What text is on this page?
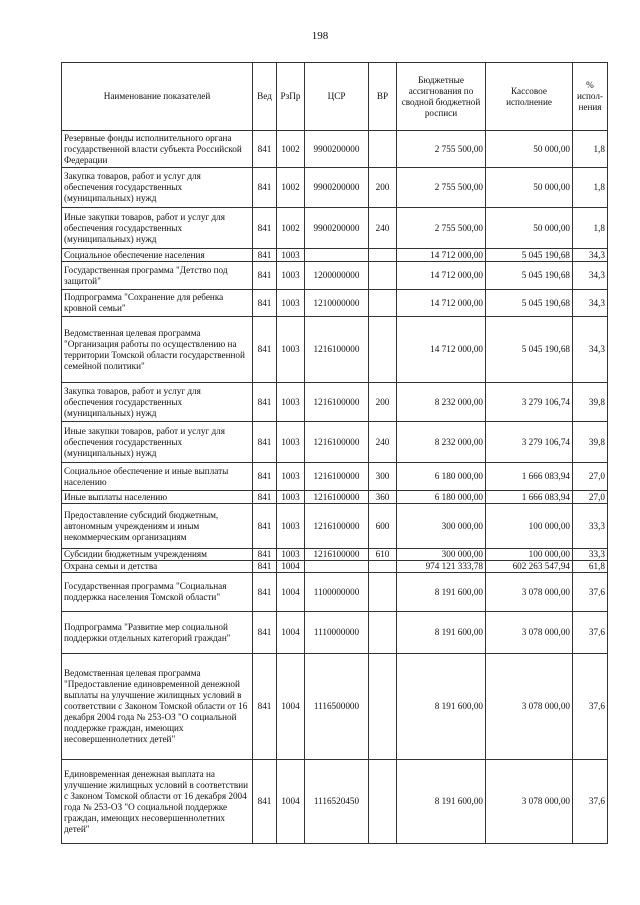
198
Наименование показателей	Вед	РзПр	ЦСР	ВР	Бюджетные ассигнования по сводной бюджетной росписи	Кассовое исполнение	% испол-нения
Резервные фонды исполнительного органа государственной власти субъекта Российской Федерации	841	1002	9900200000		2 755 500,00	50 000,00	1,8
Закупка товаров, работ и услуг для обеспечения государственных (муниципальных) нужд	841	1002	9900200000	200	2 755 500,00	50 000,00	1,8
Иные закупки товаров, работ и услуг для обеспечения государственных (муниципальных) нужд	841	1002	9900200000	240	2 755 500,00	50 000,00	1,8
Социальное обеспечение населения	841	1003			14 712 000,00	5 045 190,68	34,3
Государственная программа "Детство под защитой"	841	1003	1200000000		14 712 000,00	5 045 190,68	34,3
Подпрограмма "Сохранение для ребенка кровной семьи"	841	1003	1210000000		14 712 000,00	5 045 190,68	34,3
Ведомственная целевая программа "Организация работы по осуществлению на территории Томской области государственной семейной политики"	841	1003	1216100000		14 712 000,00	5 045 190,68	34,3
Закупка товаров, работ и услуг для обеспечения государственных (муниципальных) нужд	841	1003	1216100000	200	8 232 000,00	3 279 106,74	39,8
Иные закупки товаров, работ и услуг для обеспечения государственных (муниципальных) нужд	841	1003	1216100000	240	8 232 000,00	3 279 106,74	39,8
Социальное обеспечение и иные выплаты населению	841	1003	1216100000	300	6 180 000,00	1 666 083,94	27,0
Иные выплаты населению	841	1003	1216100000	360	6 180 000,00	1 666 083,94	27,0
Предоставление субсидий бюджетным, автономным учреждениям и иным некоммерческим организациям	841	1003	1216100000	600	300 000,00	100 000,00	33,3
Субсидии бюджетным учреждениям	841	1003	1216100000	610	300 000,00	100 000,00	33,3
Охрана семьи и детства	841	1004			974 121 333,78	602 263 547,94	61,8
Государственная программа "Социальная поддержка населения Томской области"	841	1004	1100000000		8 191 600,00	3 078 000,00	37,6
Подпрограмма "Развитие мер социальной поддержки отдельных категорий граждан"	841	1004	1110000000		8 191 600,00	3 078 000,00	37,6
Ведомственная целевая программа "Предоставление единовременной денежной выплаты на улучшение жилищных условий в соответствии с Законом Томской области от 16 декабря 2004 года № 253-ОЗ "О социальной поддержке граждан, имеющих несовершеннолетних детей"	841	1004	1116500000		8 191 600,00	3 078 000,00	37,6
Единовременная денежная выплата на улучшение жилищных условий в соответствии с Законом Томской области от 16 декабря 2004 года № 253-ОЗ "О социальной поддержке граждан, имеющих несовершеннолетних детей"	841	1004	1116520450		8 191 600,00	3 078 000,00	37,6
